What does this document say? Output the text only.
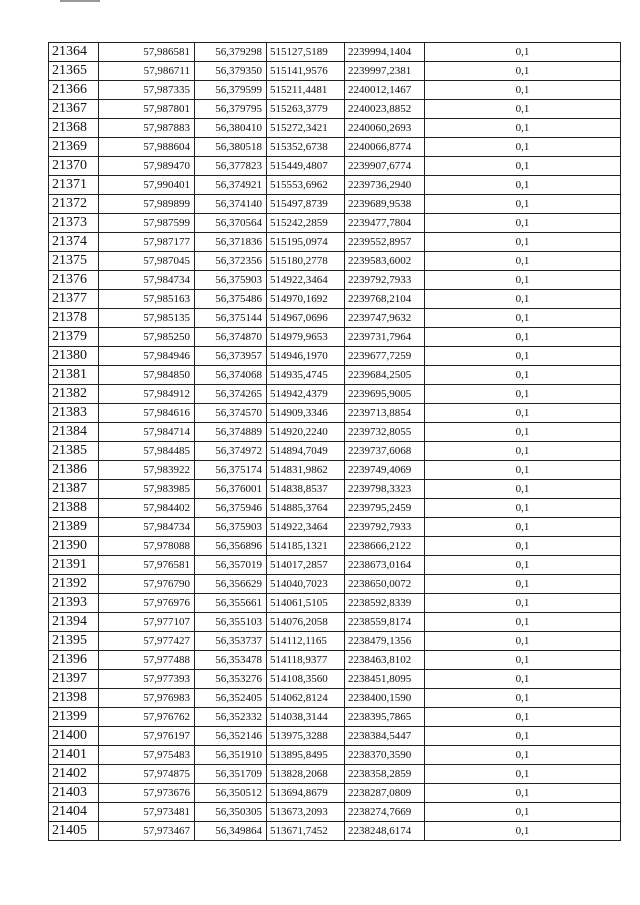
21364	57,986581	56,379298	515127,5189	2239994,1404	0,1
21365	57,986711	56,379350	515141,9576	2239997,2381	0,1
21366	57,987335	56,379599	515211,4481	2240012,1467	0,1
21367	57,987801	56,379795	515263,3779	2240023,8852	0,1
21368	57,987883	56,380410	515272,3421	2240060,2693	0,1
21369	57,988604	56,380518	515352,6738	2240066,8774	0,1
21370	57,989470	56,377823	515449,4807	2239907,6774	0,1
21371	57,990401	56,374921	515553,6962	2239736,2940	0,1
21372	57,989899	56,374140	515497,8739	2239689,9538	0,1
21373	57,987599	56,370564	515242,2859	2239477,7804	0,1
21374	57,987177	56,371836	515195,0974	2239552,8957	0,1
21375	57,987045	56,372356	515180,2778	2239583,6002	0,1
21376	57,984734	56,375903	514922,3464	2239792,7933	0,1
21377	57,985163	56,375486	514970,1692	2239768,2104	0,1
21378	57,985135	56,375144	514967,0696	2239747,9632	0,1
21379	57,985250	56,374870	514979,9653	2239731,7964	0,1
21380	57,984946	56,373957	514946,1970	2239677,7259	0,1
21381	57,984850	56,374068	514935,4745	2239684,2505	0,1
21382	57,984912	56,374265	514942,4379	2239695,9005	0,1
21383	57,984616	56,374570	514909,3346	2239713,8854	0,1
21384	57,984714	56,374889	514920,2240	2239732,8055	0,1
21385	57,984485	56,374972	514894,7049	2239737,6068	0,1
21386	57,983922	56,375174	514831,9862	2239749,4069	0,1
21387	57,983985	56,376001	514838,8537	2239798,3323	0,1
21388	57,984402	56,375946	514885,3764	2239795,2459	0,1
21389	57,984734	56,375903	514922,3464	2239792,7933	0,1
21390	57,978088	56,356896	514185,1321	2238666,2122	0,1
21391	57,976581	56,357019	514017,2857	2238673,0164	0,1
21392	57,976790	56,356629	514040,7023	2238650,0072	0,1
21393	57,976976	56,355661	514061,5105	2238592,8339	0,1
21394	57,977107	56,355103	514076,2058	2238559,8174	0,1
21395	57,977427	56,353737	514112,1165	2238479,1356	0,1
21396	57,977488	56,353478	514118,9377	2238463,8102	0,1
21397	57,977393	56,353276	514108,3560	2238451,8095	0,1
21398	57,976983	56,352405	514062,8124	2238400,1590	0,1
21399	57,976762	56,352332	514038,3144	2238395,7865	0,1
21400	57,976197	56,352146	513975,3288	2238384,5447	0,1
21401	57,975483	56,351910	513895,8495	2238370,3590	0,1
21402	57,974875	56,351709	513828,2068	2238358,2859	0,1
21403	57,973676	56,350512	513694,8679	2238287,0809	0,1
21404	57,973481	56,350305	513673,2093	2238274,7669	0,1
21405	57,973467	56,349864	513671,7452	2238248,6174	0,1
